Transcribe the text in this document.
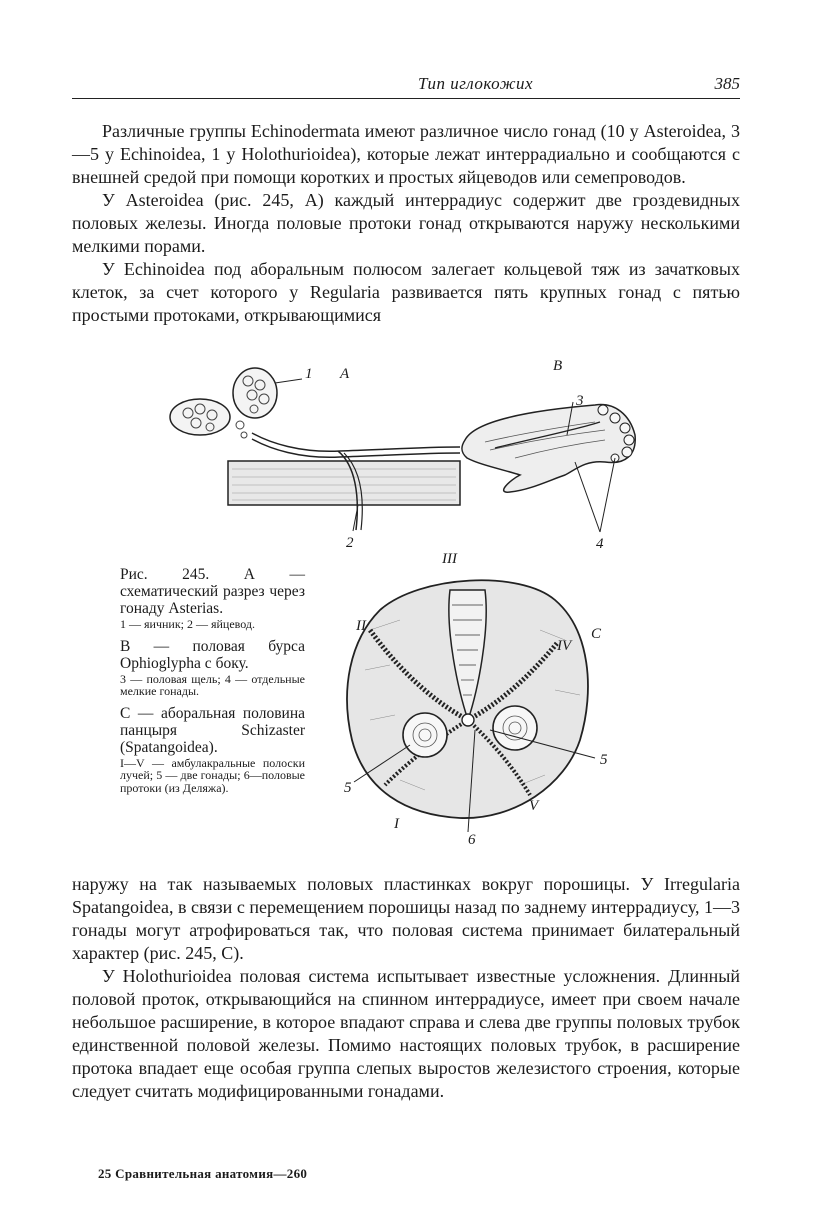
Тип иглокожих	385

Различные группы Echinodermata имеют различное число гонад (10 у Asteroidea, 3—5 у Echinoidea, 1 у Holothurioidea), которые лежат интеррадиально и сообщаются с внешней средой при помощи коротких и простых яйцеводов или семепроводов.

У Asteroidea (рис. 245, А) каждый интеррадиус содержит две гроздевидных половых железы. Иногда половые протоки гонад открываются наружу несколькими мелкими порами.

У Echinoidea под аборальным полюсом залегает кольцевой тяж из зачатковых клеток, за счет которого у Regularia развивается пять крупных гонад с пятью простыми протоками, открывающимися

А	В
С
1
2
3
4
5
5
6
I
II
III
IV
V

Рис. 245. А — схематический разрез через гонаду Asterias.

1 — яичник; 2 — яйцевод.

В — половая бурса Ophioglypha с боку.

3 — половая щель; 4 — отдельные мелкие гонады.

С — аборальная половина панцыря Schizaster (Spatangoidea).

I—V — амбулакральные полоски лучей; 5 — две гонады; 6—половые протоки (из Деляжа).

наружу на так называемых половых пластинках вокруг порошицы. У Irregularia Spatangoidea, в связи с перемещением порошицы назад по заднему интеррадиусу, 1—3 гонады могут атрофироваться так, что половая система принимает билатеральный характер (рис. 245, С).

У Holothurioidea половая система испытывает известные усложнения. Длинный половой проток, открывающийся на спинном интеррадиусе, имеет при своем начале небольшое расширение, в которое впадают справа и слева две группы половых трубок единственной половой железы. Помимо настоящих половых трубок, в расширение протока впадает еще особая группа слепых выростов железистого строения, которые следует считать модифицированными гонадами.

25 Сравнительная анатомия—260
